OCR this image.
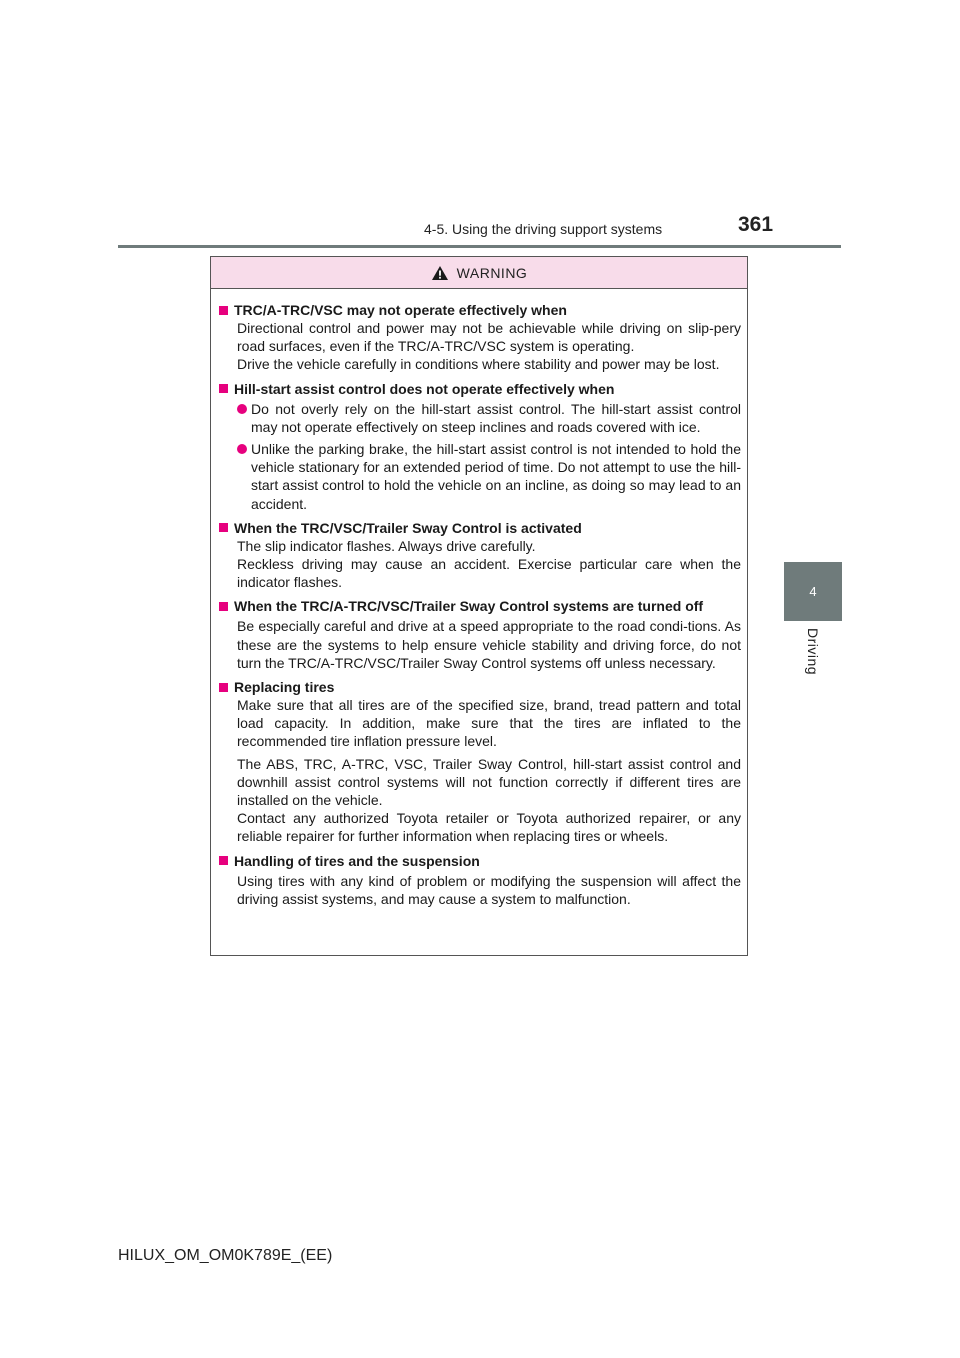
4-5. Using the driving support systems	361
4
Driving
WARNING
TRC/A-TRC/VSC may not operate effectively when

Directional control and power may not be achievable while driving on slip-pery road surfaces, even if the TRC/A-TRC/VSC system is operating.

Drive the vehicle carefully in conditions where stability and power may be lost.

Hill-start assist control does not operate effectively when
Do not overly rely on the hill-start assist control. The hill-start assist control may not operate effectively on steep inclines and roads covered with ice.
Unlike the parking brake, the hill-start assist control is not intended to hold the vehicle stationary for an extended period of time. Do not attempt to use the hill-start assist control to hold the vehicle on an incline, as doing so may lead to an accident.
When the TRC/VSC/Trailer Sway Control is activated

The slip indicator flashes. Always drive carefully.

Reckless driving may cause an accident. Exercise particular care when the indicator flashes.

When the TRC/A-TRC/VSC/Trailer Sway Control systems are turned off

Be especially careful and drive at a speed appropriate to the road condi-tions. As these are the systems to help ensure vehicle stability and driving force, do not turn the TRC/A-TRC/VSC/Trailer Sway Control systems off unless necessary.

Replacing tires

Make sure that all tires are of the specified size, brand, tread pattern and total load capacity. In addition, make sure that the tires are inflated to the recommended tire inflation pressure level.

The ABS, TRC, A-TRC, VSC, Trailer Sway Control, hill-start assist control and downhill assist control systems will not function correctly if different tires are installed on the vehicle.

Contact any authorized Toyota retailer or Toyota authorized repairer, or any reliable repairer for further information when replacing tires or wheels.

Handling of tires and the suspension

Using tires with any kind of problem or modifying the suspension will affect the driving assist systems, and may cause a system to malfunction.

HILUX_OM_OM0K789E_(EE)
